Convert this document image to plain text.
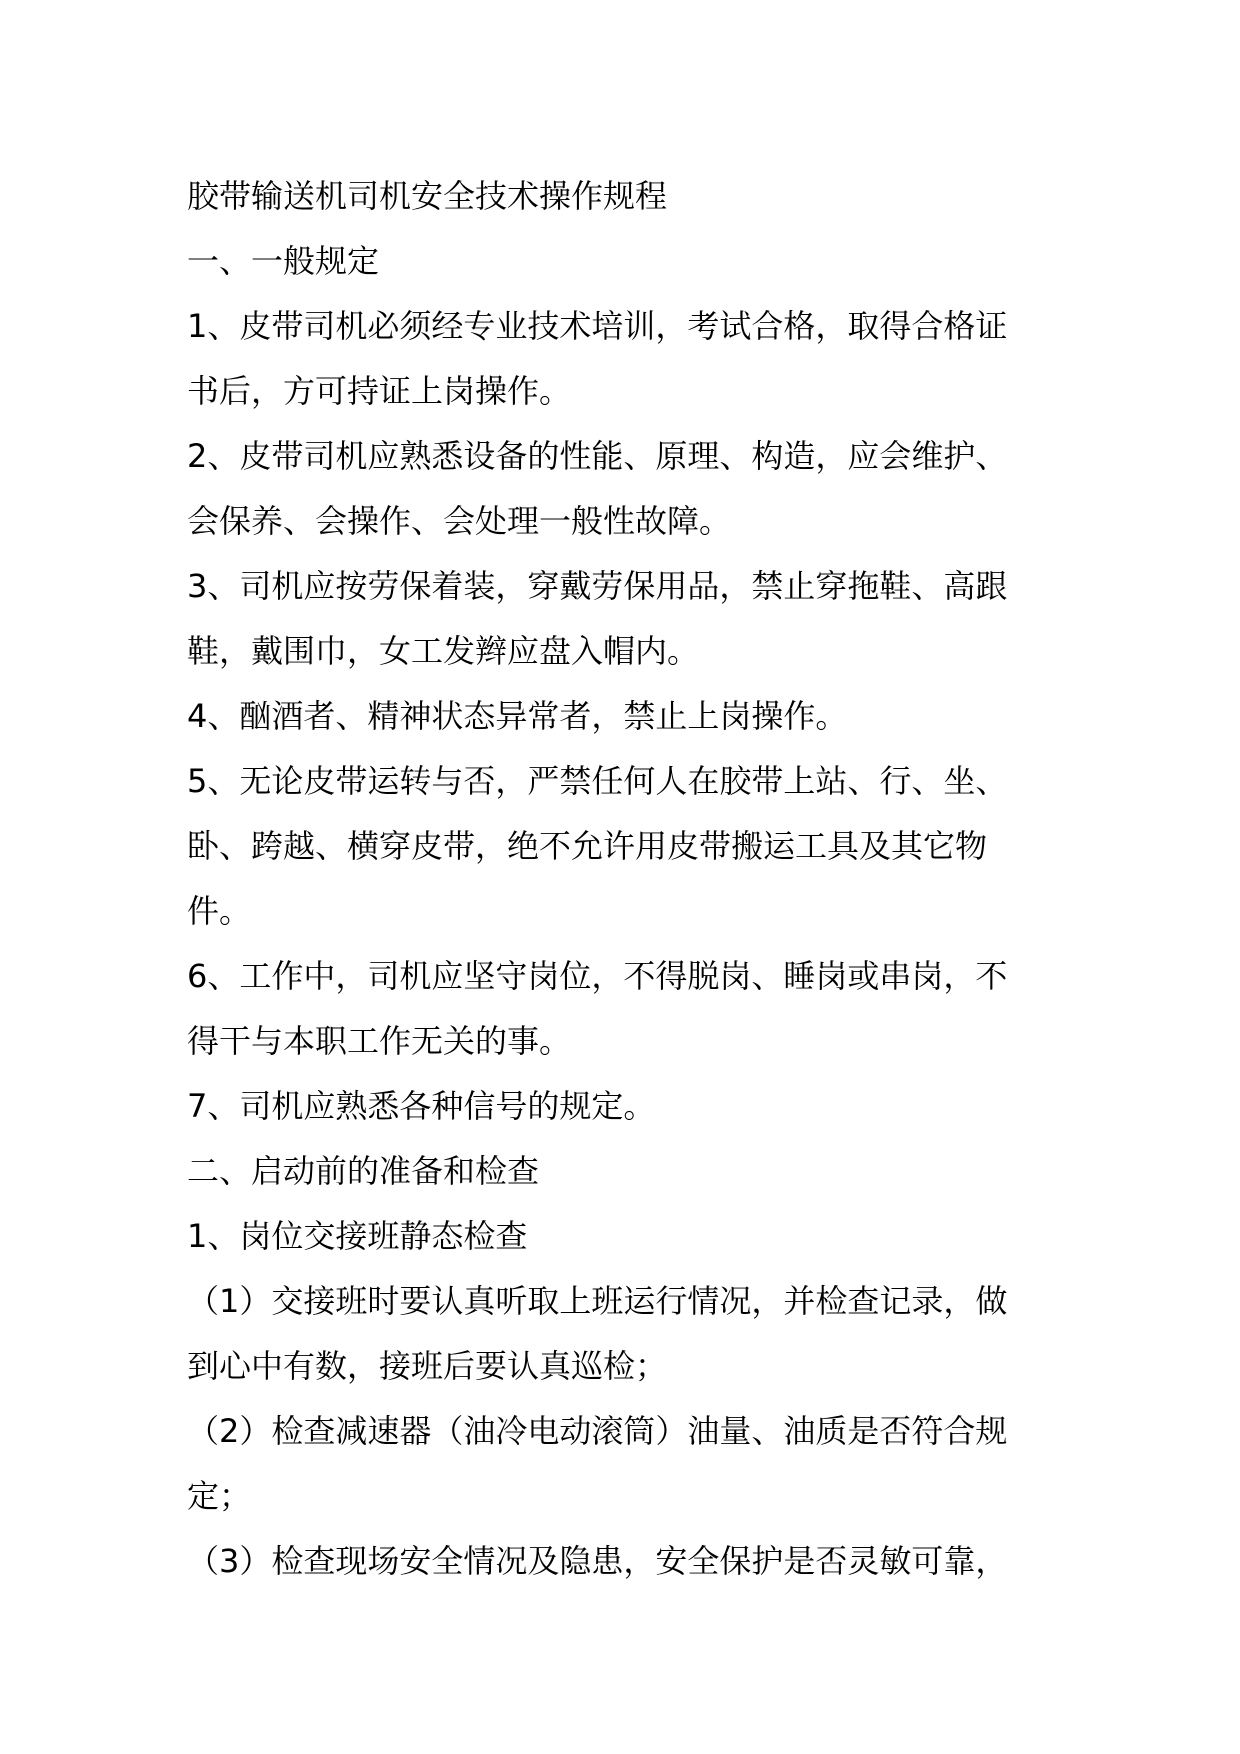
胶带输送机司机安全技术操作规程
一、一般规定
1、皮带司机必须经专业技术培训，考试合格，取得合格证
书后，方可持证上岗操作。
2、皮带司机应熟悉设备的性能、原理、构造，应会维护、
会保养、会操作、会处理一般性故障。
3、司机应按劳保着装，穿戴劳保用品，禁止穿拖鞋、高跟
鞋，戴围巾，女工发辫应盘入帽内。
4、酗酒者、精神状态异常者，禁止上岗操作。
5、无论皮带运转与否，严禁任何人在胶带上站、行、坐、
卧、跨越、横穿皮带，绝不允许用皮带搬运工具及其它物
件。
6、工作中，司机应坚守岗位，不得脱岗、睡岗或串岗，不
得干与本职工作无关的事。
7、司机应熟悉各种信号的规定。
二、启动前的准备和检查
1、岗位交接班静态检查
（1）交接班时要认真听取上班运行情况，并检查记录，做
到心中有数，接班后要认真巡检；
（2）检查减速器（油冷电动滚筒）油量、油质是否符合规
定；
（3）检查现场安全情况及隐患，安全保护是否灵敏可靠，
